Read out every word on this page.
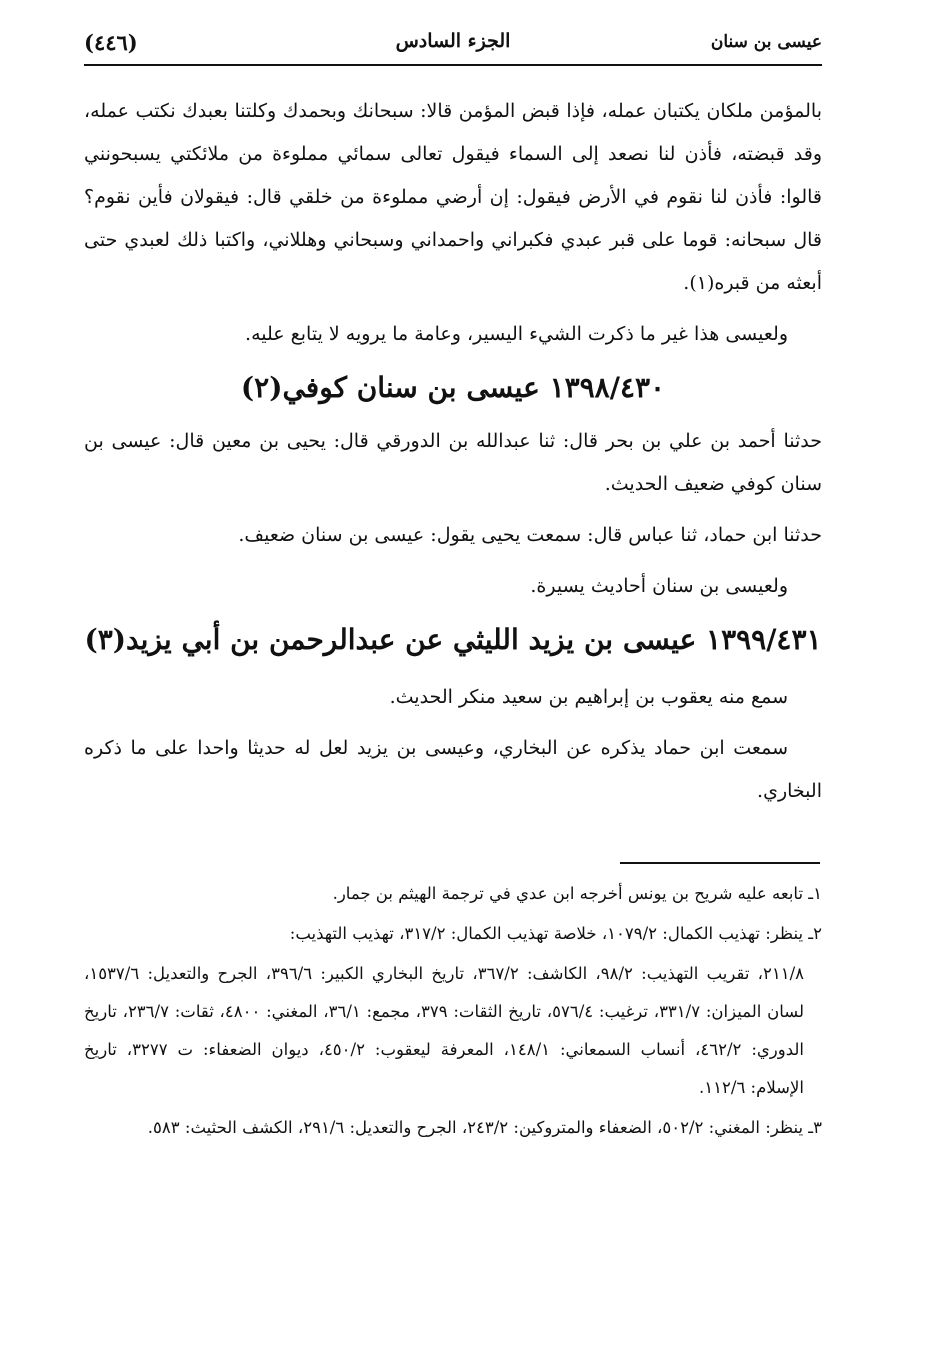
(٤٤٦)	الجزء السادس	عيسى بن سنان

بالمؤمن ملكان يكتبان عمله، فإذا قبض المؤمن قالا: سبحانك وبحمدك وكلتنا بعبدك نكتب عمله، وقد قبضته، فأذن لنا نصعد إلى السماء فيقول تعالى سمائي مملوءة من ملائكتي يسبحونني قالوا: فأذن لنا نقوم في الأرض فيقول: إن أرضي مملوءة من خلقي قال: فيقولان فأين نقوم؟ قال سبحانه: قوما على قبر عبدي فكبراني واحمداني وسبحاني وهللاني، واكتبا ذلك لعبدي حتى أبعثه من قبره(١).

ولعيسى هذا غير ما ذكرت الشيء اليسير، وعامة ما يرويه لا يتابع عليه.

١٣٩٨/٤٣٠ عيسى بن سنان كوفي(٢)

حدثنا أحمد بن علي بن بحر قال: ثنا عبدالله بن الدورقي قال: يحيى بن معين قال: عيسى بن سنان كوفي ضعيف الحديث.

حدثنا ابن حماد، ثنا عباس قال: سمعت يحيى يقول: عيسى بن سنان ضعيف.

ولعيسى بن سنان أحاديث يسيرة.

١٣٩٩/٤٣١ عيسى بن يزيد الليثي عن عبدالرحمن بن أبي يزيد(٣)

سمع منه يعقوب بن إبراهيم بن سعيد منكر الحديث.

سمعت ابن حماد يذكره عن البخاري، وعيسى بن يزيد لعل له حديثا واحدا على ما ذكره البخاري.

١ـ تابعه عليه شريح بن يونس أخرجه ابن عدي في ترجمة الهيثم بن جمار.

٢ـ ينظر: تهذيب الكمال: ١٠٧٩/٢، خلاصة تهذيب الكمال: ٣١٧/٢، تهذيب التهذيب:

٢١١/٨، تقريب التهذيب: ٩٨/٢، الكاشف: ٣٦٧/٢، تاريخ البخاري الكبير: ٣٩٦/٦، الجرح والتعديل: ١٥٣٧/٦، لسان الميزان: ٣٣١/٧، ترغيب: ٥٧٦/٤، تاريخ الثقات: ٣٧٩، مجمع: ٣٦/١، المغني: ٤٨٠٠، ثقات: ٢٣٦/٧، تاريخ الدوري: ٤٦٢/٢، أنساب السمعاني: ١٤٨/١، المعرفة ليعقوب: ٤٥٠/٢، ديوان الضعفاء: ت ٣٢٧٧، تاريخ الإسلام: ١١٢/٦.

٣ـ ينظر: المغني: ٥٠٢/٢، الضعفاء والمتروكين: ٢٤٣/٢، الجرح والتعديل: ٢٩١/٦، الكشف الحثيث: ٥٨٣.
